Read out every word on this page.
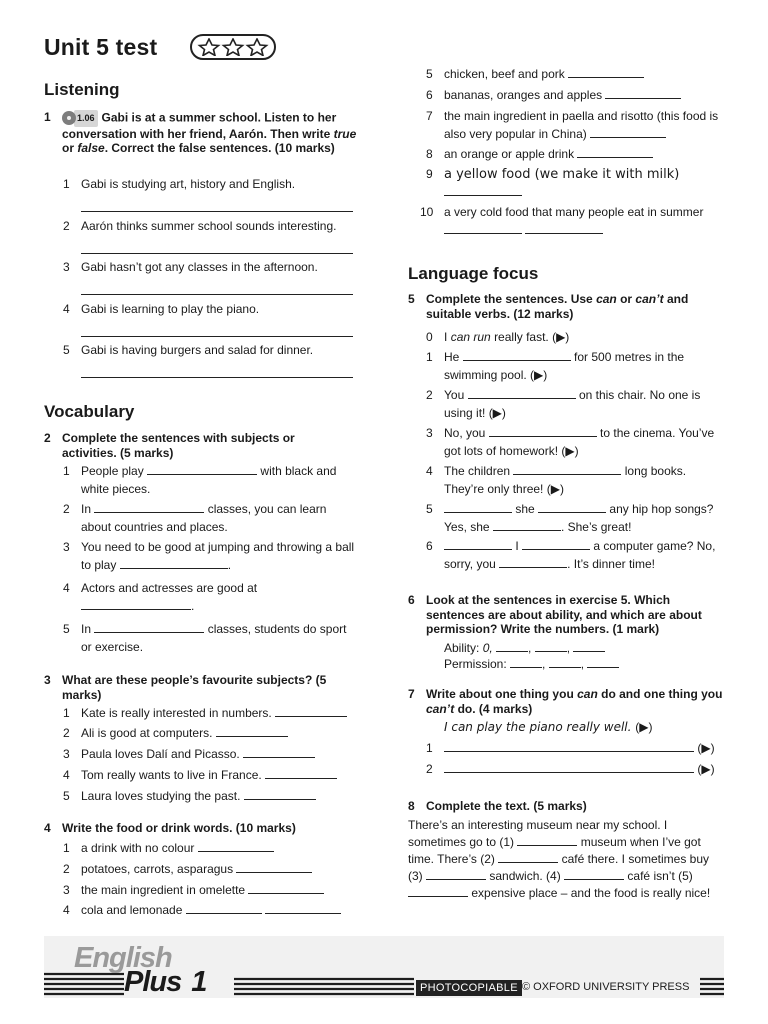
Unit 5 test
Listening
1	1.06 Gabi is at a summer school. Listen to her conversation with her friend, Aarón. Then write true or false. Correct the false sentences. (10 marks)
1 Gabi is studying art, history and English.
2 Aarón thinks summer school sounds interesting.
3 Gabi hasn’t got any classes in the afternoon.
4 Gabi is learning to play the piano.
5 Gabi is having burgers and salad for dinner.
Vocabulary
2 Complete the sentences with subjects or activities. (5 marks)
1 People play	with black and white pieces.
2 In	classes, you can learn about countries and places.
3 You need to be good at jumping and throwing a ball to play	.
4 Actors and actresses are good at
.
5 In	classes, students do sport or exercise.
3 What are these people’s favourite subjects? (5 marks)
1 Kate is really interested in numbers.
2 Ali is good at computers.
3 Paula loves Dalí and Picasso.
4 Tom really wants to live in France.
5 Laura loves studying the past.
4 Write the food or drink words. (10 marks)
1 a drink with no colour
2 potatoes, carrots, asparagus
3 the main ingredient in omelette
4 cola and lemonade
5 chicken, beef and pork
6 bananas, oranges and apples
7 the main ingredient in paella and risotto (this food is also very popular in China)
8 an orange or apple drink
9 a yellow food (we make it with milk)

10 a very cold food that many people eat in summer

Language focus
5 Complete the sentences. Use can or can’t and suitable verbs. (12 marks)
0 I can run really fast. (▶)
1 He	for 500 metres in the swimming pool. (▶)
2 You	on this chair. No one is using it! (▶)
3 No, you	to the cinema. You’ve got lots of homework! (▶)
4 The children	long books. They’re only three! (▶)
5	she	any hip hop songs? Yes, she	. She’s great!
6	I	a computer game? No, sorry, you	. It’s dinner time!
6 Look at the sentences in exercise 5. Which sentences are about ability, and which are about permission? Write the numbers. (1 mark)
Ability: 0,	,	,
Permission:	,	,
7 Write about one thing you can do and one thing you can’t do. (4 marks)
I can play the piano really well. (▶)
1	(▶)
2	(▶)
8 Complete the text. (5 marks)
There’s an interesting museum near my school. I sometimes go to (1)	museum when I’ve got time. There’s (2)	café there. I sometimes buy (3)	sandwich. (4)	café isn’t (5)  expensive place – and the food is really nice!
English
Plus 1	PHOTOCOPIABLE © OXFORD UNIVERSITY PRESS
